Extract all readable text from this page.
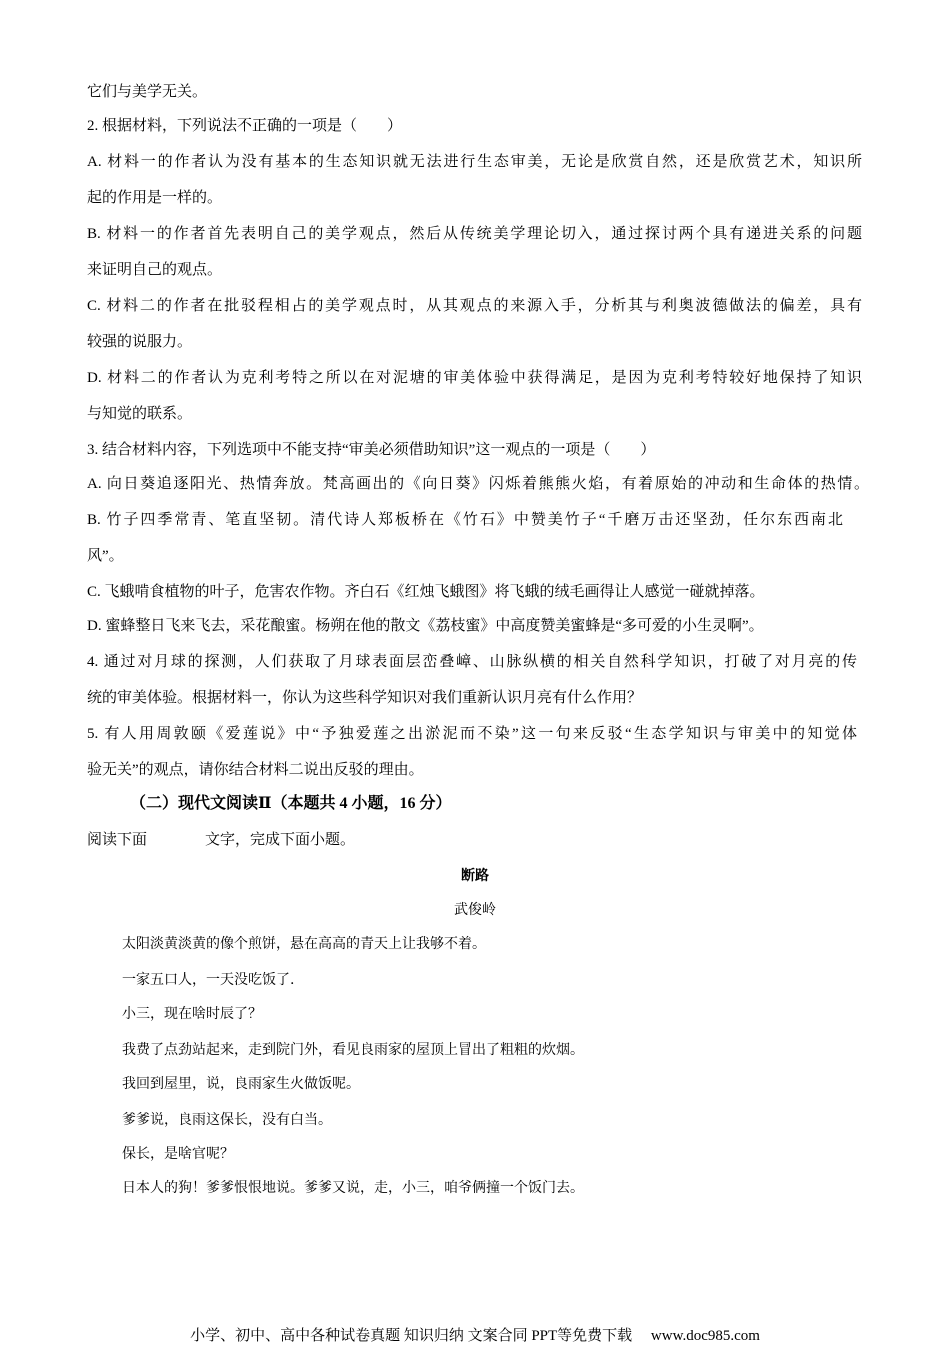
它们与美学无关。
2. 根据材料，下列说法不正确的一项是（　　）
A. 材料一的作者认为没有基本的生态知识就无法进行生态审美，无论是欣赏自然，还是欣赏艺术，知识所
起的作用是一样的。
B. 材料一的作者首先表明自己的美学观点，然后从传统美学理论切入，通过探讨两个具有递进关系的问题
来证明自己的观点。
C. 材料二的作者在批驳程相占的美学观点时，从其观点的来源入手，分析其与利奥波德做法的偏差，具有
较强的说服力。
D. 材料二的作者认为克利考特之所以在对泥塘的审美体验中获得满足，是因为克利考特较好地保持了知识
与知觉的联系。
3. 结合材料内容，下列选项中不能支持“审美必须借助知识”这一观点的一项是（　　）
A. 向日葵追逐阳光、热情奔放。梵高画出的《向日葵》闪烁着熊熊火焰，有着原始的冲动和生命体的热情。
B. 竹子四季常青、笔直坚韧。清代诗人郑板桥在《竹石》中赞美竹子“千磨万击还坚劲，任尔东西南北
风”。
C. 飞蛾啃食植物的叶子，危害农作物。齐白石《红烛飞蛾图》将飞蛾的绒毛画得让人感觉一碰就掉落。
D. 蜜蜂整日飞来飞去，采花酿蜜。杨朔在他的散文《荔枝蜜》中高度赞美蜜蜂是“多可爱的小生灵啊”。
4. 通过对月球的探测，人们获取了月球表面层峦叠嶂、山脉纵横的相关自然科学知识，打破了对月亮的传
统的审美体验。根据材料一，你认为这些科学知识对我们重新认识月亮有什么作用？
5. 有人用周敦颐《爱莲说》中“予独爱莲之出淤泥而不染”这一句来反驳“生态学知识与审美中的知觉体
验无关”的观点，请你结合材料二说出反驳的理由。
（二）现代文阅读Ⅱ（本题共 4 小题，16 分）
阅读下面	文字，完成下面小题。
断路
武俊岭
太阳淡黄淡黄的像个煎饼，悬在高高的青天上让我够不着。
一家五口人，一天没吃饭了.
小三，现在啥时辰了？
我费了点劲站起来，走到院门外，看见良雨家的屋顶上冒出了粗粗的炊烟。
我回到屋里，说，良雨家生火做饭呢。
爹爹说，良雨这保长，没有白当。
保长，是啥官呢？
日本人的狗！爹爹恨恨地说。爹爹又说，走，小三，咱爷俩撞一个饭门去。
小学、初中、高中各种试卷真题 知识归纳 文案合同 PPT等免费下载 www.doc985.com
